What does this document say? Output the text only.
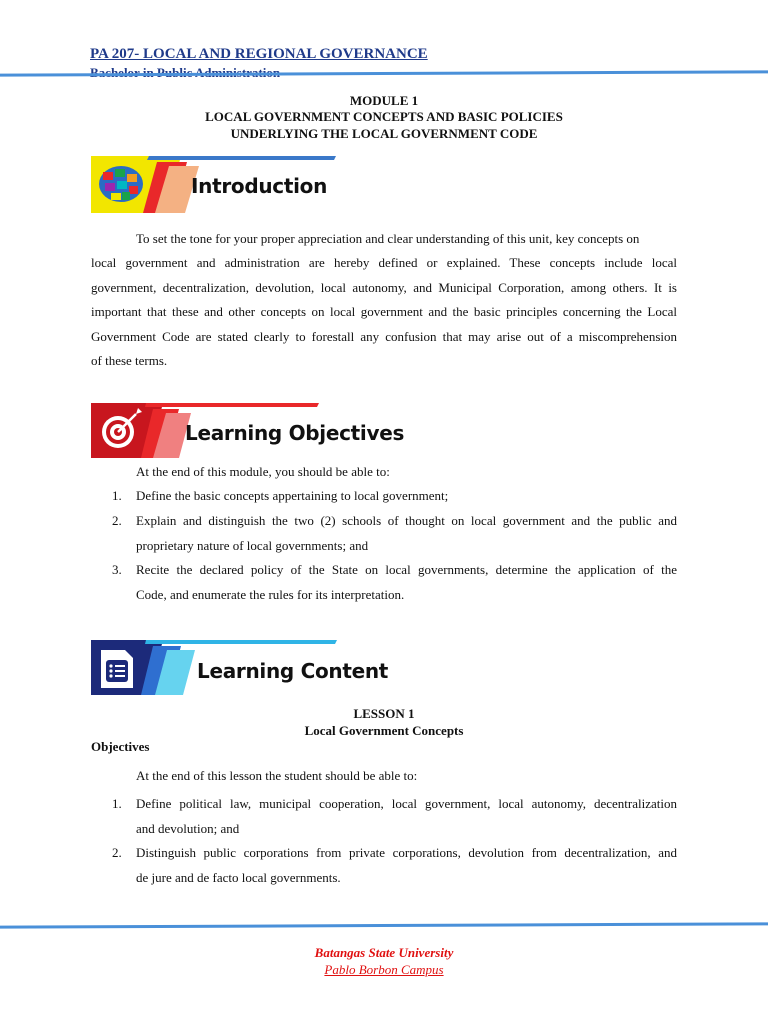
PA 207- LOCAL AND REGIONAL GOVERNANCE
MODULE 1
LOCAL GOVERNMENT CONCEPTS AND BASIC POLICIES
UNDERLYING THE LOCAL GOVERNMENT CODE
Introduction
To set the tone for your proper appreciation and clear understanding of this unit, key concepts on
local government and administration are hereby defined or explained. These concepts include local
government, decentralization, devolution, local autonomy, and Municipal Corporation, among others. It is
important that these and other concepts on local government and the basic principles concerning the Local
Government Code are stated clearly to forestall any confusion that may arise out of a miscomprehension
of these terms.
Learning Objectives
At the end of this module, you should be able to:
1. Define the basic concepts appertaining to local government;
2. Explain and distinguish the two (2) schools of thought on local government and the public and
proprietary nature of local governments; and
3. Recite the declared policy of the State on local governments, determine the application of the
Code, and enumerate the rules for its interpretation.
Learning Content
LESSON 1
Local Government Concepts
Objectives
At the end of this lesson the student should be able to:
1. Define political law, municipal cooperation, local government, local autonomy, decentralization
and devolution; and
2. Distinguish public corporations from private corporations, devolution from decentralization, and
de jure and de facto local governments.
Batangas State University
Pablo Borbon Campus
